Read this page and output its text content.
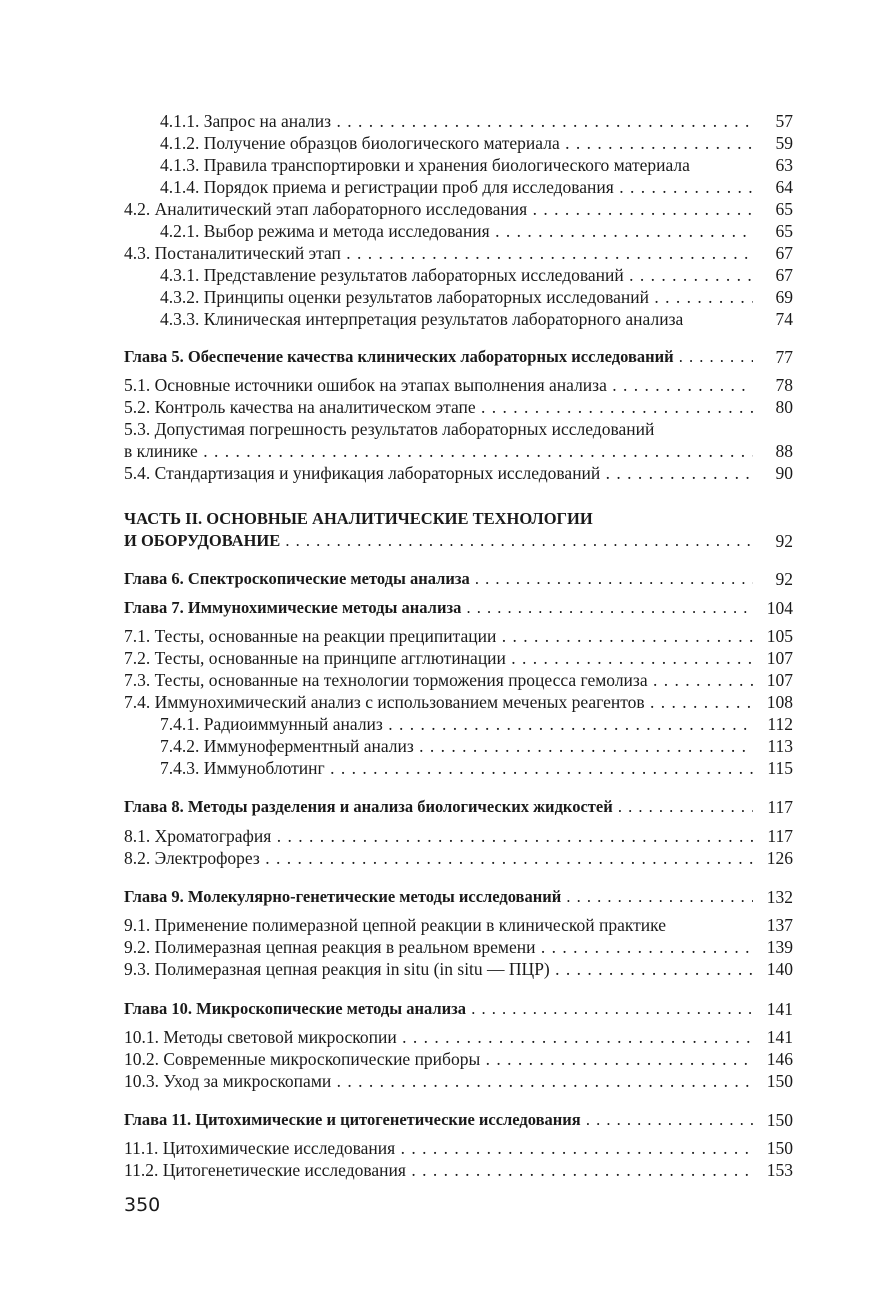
4.1.1. Запрос на анализ . . .	57
4.1.2. Получение образцов биологического материала . . .	59
4.1.3. Правила транспортировки и хранения биологического материала	63
4.1.4. Порядок приема и регистрации проб для исследования . . .	64
4.2. Аналитический этап лабораторного исследования . . .	65
4.2.1. Выбор режима и метода исследования . . .	65
4.3. Постаналитический этап . . .	67
4.3.1. Представление результатов лабораторных исследований . . .	67
4.3.2. Принципы оценки результатов лабораторных исследований . . .	69
4.3.3. Клиническая интерпретация результатов лабораторного анализа	74
Глава 5. Обеспечение качества клинических лабораторных исследований . . .	77
5.1. Основные источники ошибок на этапах выполнения анализа . . .	78
5.2. Контроль качества на аналитическом этапе . . .	80
5.3. Допустимая погрешность результатов лабораторных исследований
в клинике . . .	88
5.4. Стандартизация и унификация лабораторных исследований . . .	90
ЧАСТЬ II. ОСНОВНЫЕ АНАЛИТИЧЕСКИЕ ТЕХНОЛОГИИ
И ОБОРУДОВАНИЕ . . .	92
Глава 6. Спектроскопические методы анализа . . .	92
Глава 7. Иммунохимические методы анализа . . .	104
7.1. Тесты, основанные на реакции преципитации . . .	105
7.2. Тесты, основанные на принципе агглютинации . . .	107
7.3. Тесты, основанные на технологии торможения процесса гемолиза . . .	107
7.4. Иммунохимический анализ с использованием меченых реагентов . . .	108
7.4.1. Радиоиммунный анализ . . .	112
7.4.2. Иммуноферментный анализ . . .	113
7.4.3. Иммуноблотинг . . .	115
Глава 8. Методы разделения и анализа биологических жидкостей . . .	117
8.1. Хроматография . . .	117
8.2. Электрофорез . . .	126
Глава 9. Молекулярно-генетические методы исследований . . .	132
9.1. Применение полимеразной цепной реакции в клинической практике	137
9.2. Полимеразная цепная реакция в реальном времени . . .	139
9.3. Полимеразная цепная реакция in situ (in situ — ПЦР) . . .	140
Глава 10. Микроскопические методы анализа . . .	141
10.1. Методы световой микроскопии . . .	141
10.2. Современные микроскопические приборы . . .	146
10.3. Уход за микроскопами . . .	150
Глава 11. Цитохимические и цитогенетические исследования . . .	150
11.1. Цитохимические исследования . . .	150
11.2. Цитогенетические исследования . . .	153
350
